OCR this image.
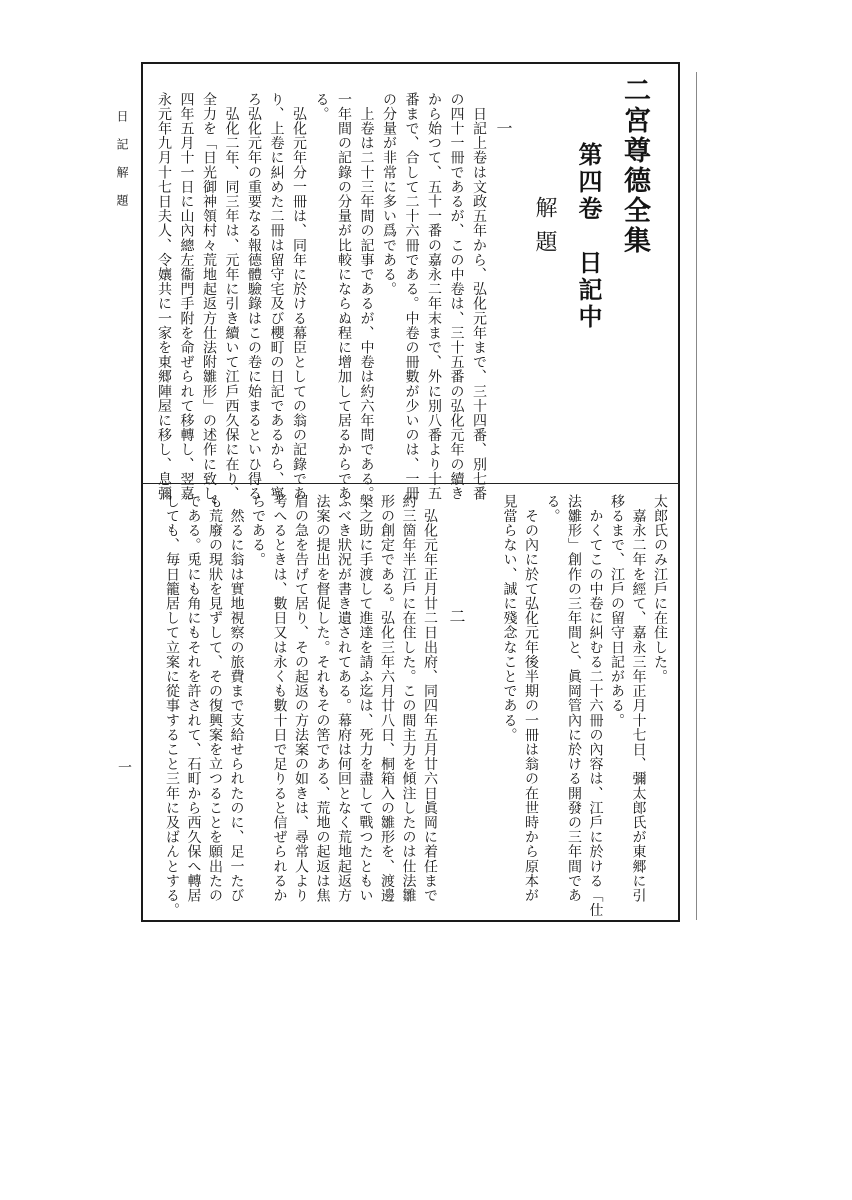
二宮尊德全集
第四卷　日記中
解題
一
　日記上卷は文政五年から、弘化元年まで、三十四番、別七番
の四十一冊であるが、この中卷は、三十五番の弘化元年の續き
から始つて、五十一番の嘉永二年末まで、外に別八番より十五
番まで、合して二十六冊である。中卷の冊數が少いのは、一冊
の分量が非常に多い爲である。
　上卷は二十三年間の記事であるが、中卷は約六年間である。
一年間の記錄の分量が比較にならぬ程に增加して居るからであ
る。
　弘化元年分一冊は、同年に於ける幕臣としての翁の記錄であ
り、上卷に糾めた二冊は留守宅及び櫻町の日記であるから、寧
ろ弘化元年の重要なる報德體驗錄はこの卷に始まるといひ得る
　弘化二年、同三年は、元年に引き續いて江戶西久保に在り、
全力を「日光御神領村々荒地起返方仕法附雛形」の述作に致し、
四年五月十一日に山內總左衞門手附を命ぜられて移轉し、翌嘉
永元年九月十七日夫人、令孃共に一家を東郷陣屋に移し、息彌
太郎氏のみ江戶に在住した。
　嘉永二年を經て、嘉永三年正月十七日、彌太郎氏が東郷に引
移るまで、江戶の留守日記がある。
　かくてこの中卷に糾むる二十六冊の內容は、江戶に於ける「仕
法雛形」創作の三年間と、眞岡管內に於ける開發の三年間であ
る。
　その內に於て弘化元年後半期の一冊は翁の在世時から原本が
見當らない、誠に殘念なことである。
二
　弘化元年正月廿二日出府、同四年五月廿六日眞岡に着任まで
約三箇年半江戶に在住した。この間主力を傾注したのは仕法雛
形の創定である。弘化三年六月廿八日、桐箱入の雛形を、渡邊
槃之助に手渡して進達を請ふ迄は、死力を盡して戰つたともい
ふべき狀況が書き遺されてある。幕府は何回となく荒地起返方
法案の提出を督促した。それもその筈である、荒地の起返は焦
眉の急を告げて居り、その起返の方法案の如きは、尋常人より
考へるときは、數日又は永くも數十日で足りると信ぜられるか
らである。
　然るに翁は實地視察の旅費まで支給せられたのに、足一たび
も荒廢の現狀を見ずして、その復興案を立つることを願出たの
である。兎にも角にもそれを許されて、石町から西久保へ轉居
しても、毎日籠居して立案に從事すること三年に及ばんとする。
日記解題
一
